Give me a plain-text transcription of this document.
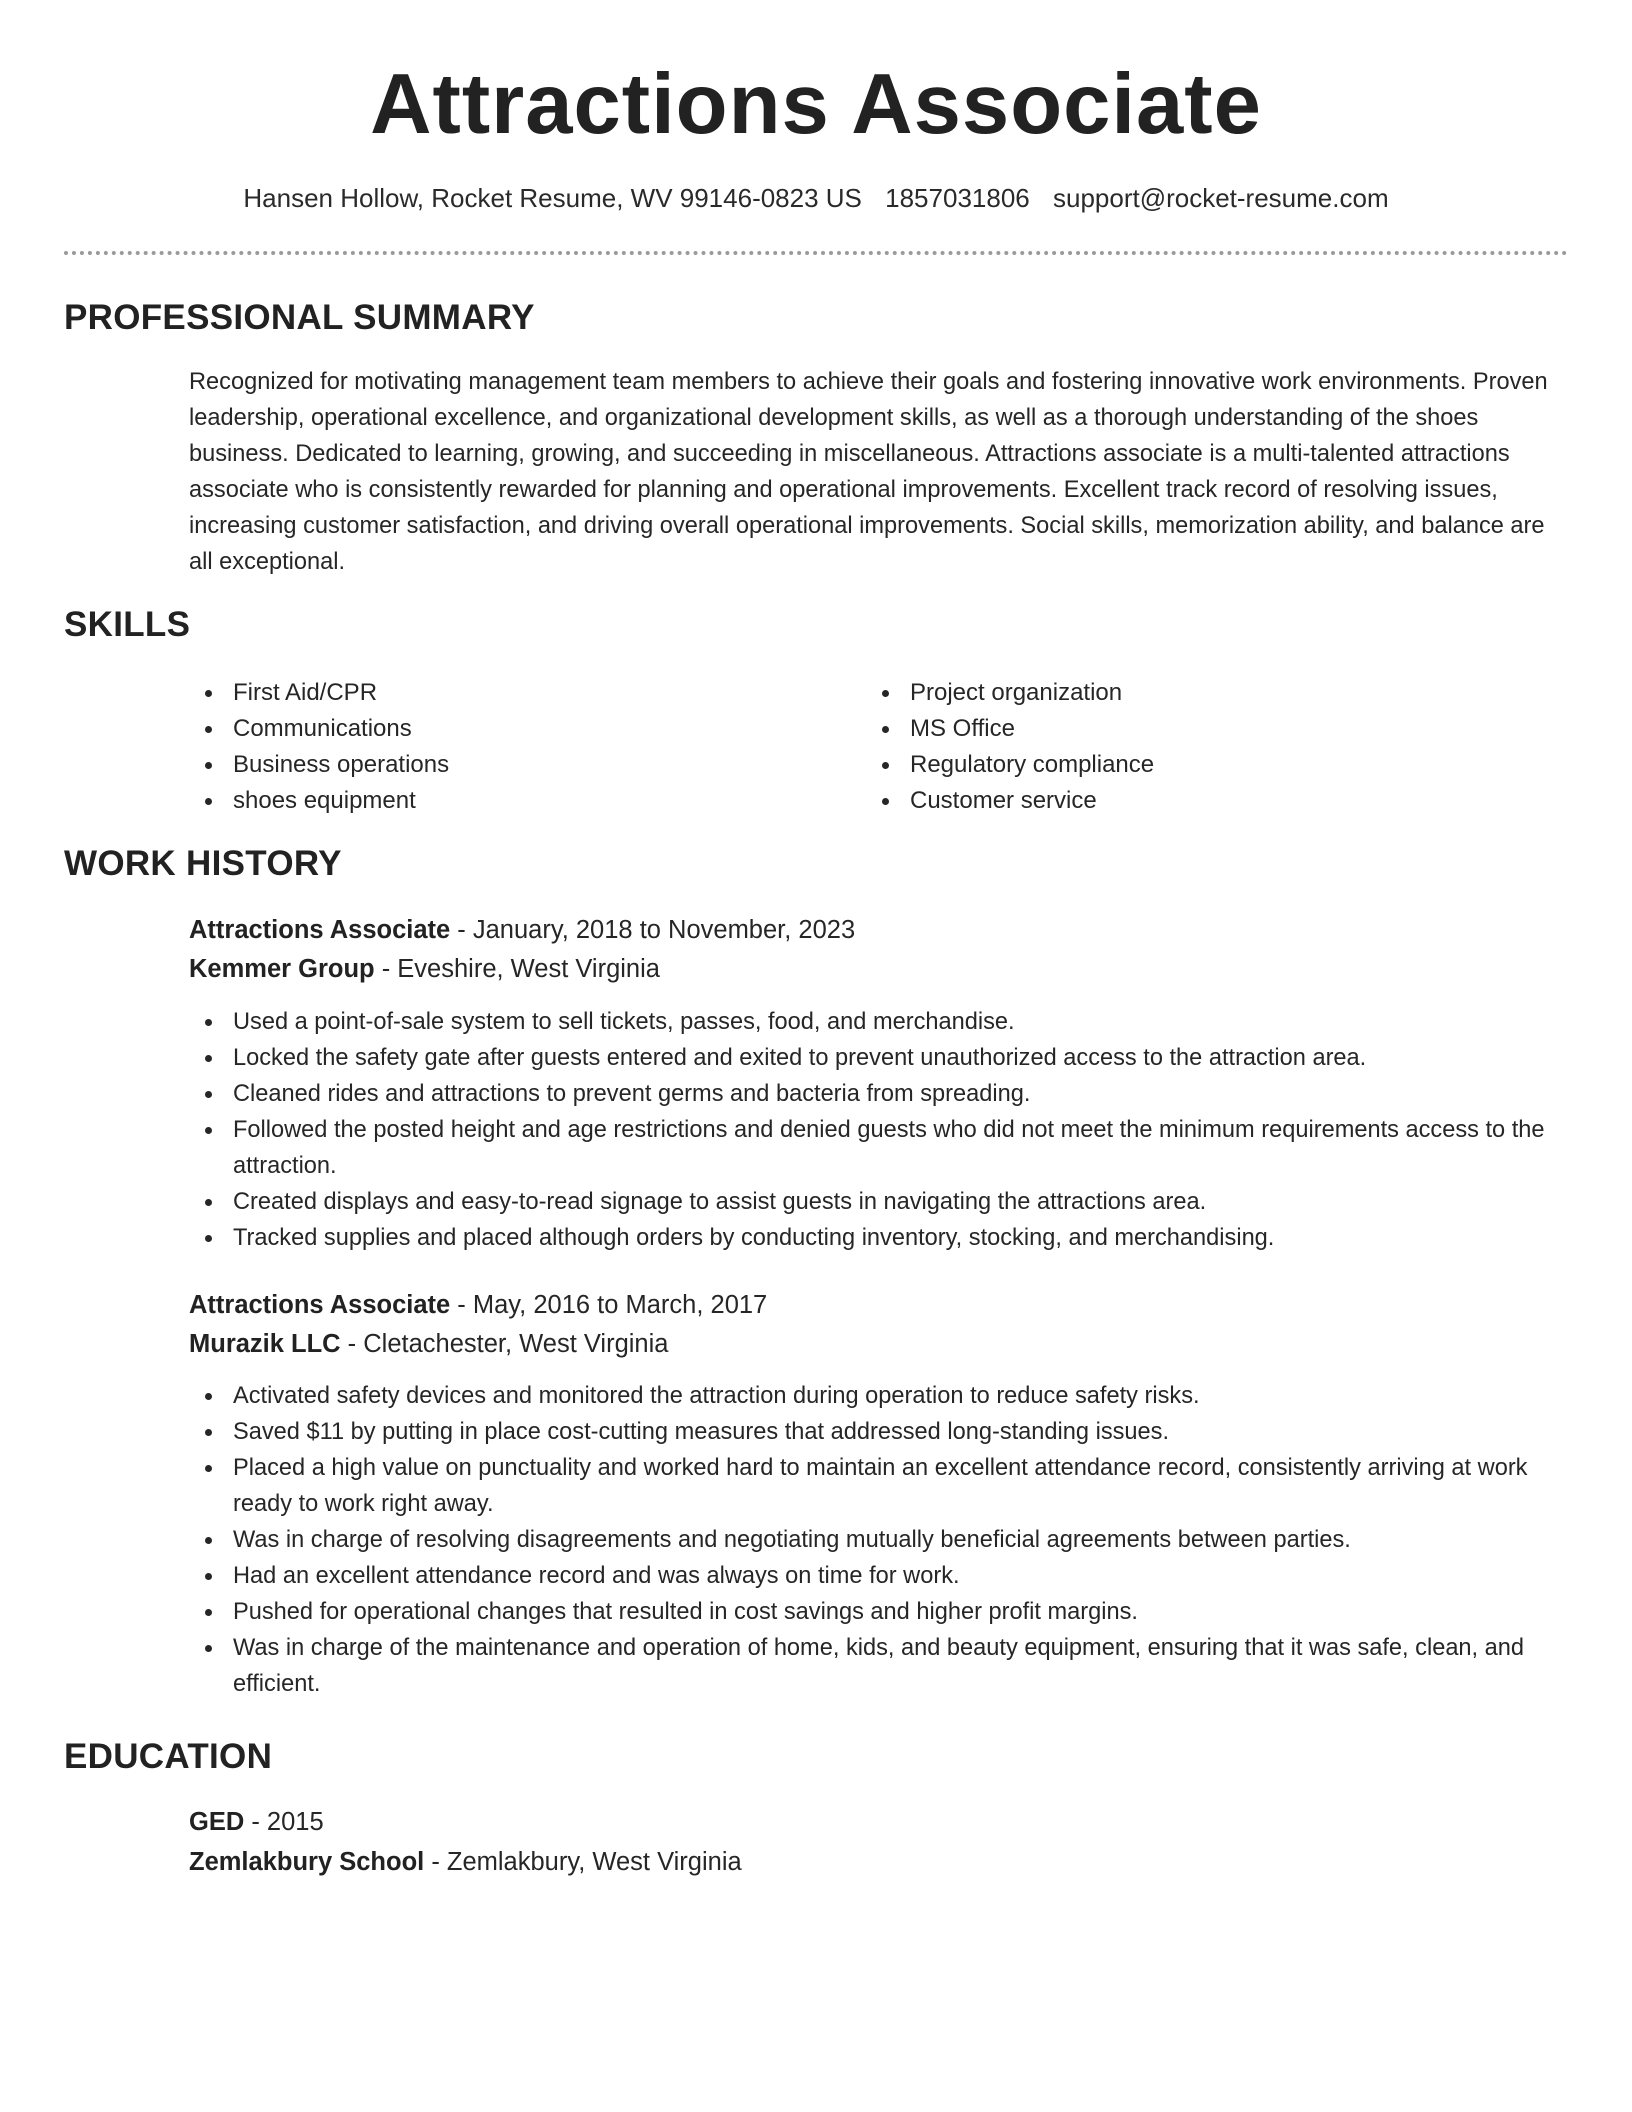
Attractions Associate
Hansen Hollow, Rocket Resume, WV 99146-0823 US 1857031806 support@rocket-resume.com
PROFESSIONAL SUMMARY
Recognized for motivating management team members to achieve their goals and fostering innovative work environments. Proven leadership, operational excellence, and organizational development skills, as well as a thorough understanding of the shoes business. Dedicated to learning, growing, and succeeding in miscellaneous. Attractions associate is a multi-talented attractions associate who is consistently rewarded for planning and operational improvements. Excellent track record of resolving issues, increasing customer satisfaction, and driving overall operational improvements. Social skills, memorization ability, and balance are all exceptional.
SKILLS
First Aid/CPR
Communications
Business operations
shoes equipment
Project organization
MS Office
Regulatory compliance
Customer service
WORK HISTORY
Attractions Associate - January, 2018 to November, 2023
Kemmer Group - Eveshire, West Virginia
Used a point-of-sale system to sell tickets, passes, food, and merchandise.
Locked the safety gate after guests entered and exited to prevent unauthorized access to the attraction area.
Cleaned rides and attractions to prevent germs and bacteria from spreading.
Followed the posted height and age restrictions and denied guests who did not meet the minimum requirements access to the attraction.
Created displays and easy-to-read signage to assist guests in navigating the attractions area.
Tracked supplies and placed although orders by conducting inventory, stocking, and merchandising.
Attractions Associate - May, 2016 to March, 2017
Murazik LLC - Cletachester, West Virginia
Activated safety devices and monitored the attraction during operation to reduce safety risks.
Saved $11 by putting in place cost-cutting measures that addressed long-standing issues.
Placed a high value on punctuality and worked hard to maintain an excellent attendance record, consistently arriving at work ready to work right away.
Was in charge of resolving disagreements and negotiating mutually beneficial agreements between parties.
Had an excellent attendance record and was always on time for work.
Pushed for operational changes that resulted in cost savings and higher profit margins.
Was in charge of the maintenance and operation of home, kids, and beauty equipment, ensuring that it was safe, clean, and efficient.
EDUCATION
GED - 2015
Zemlakbury School - Zemlakbury, West Virginia
